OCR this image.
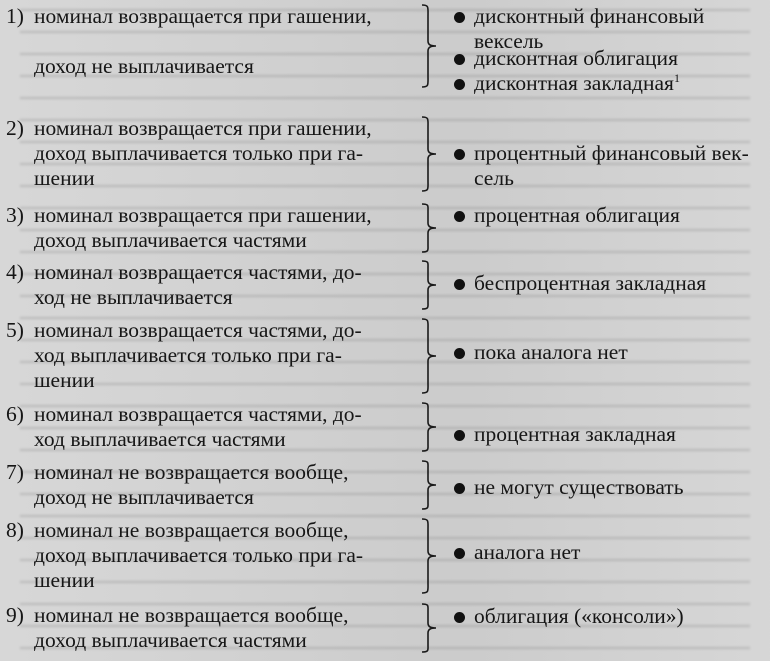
1) номинал возвращается при гашении,

доход не выплачивается
дисконтный финансовый
вексель
дисконтная облигация
дисконтная закладная$^1$
2) номинал возвращается при гашении,
доход выплачивается только при га-
шении
процентный финансовый век-
сель
3) номинал возвращается при гашении,
доход выплачивается частями
процентная облигация
4) номинал возвращается частями, до-
ход не выплачивается
беспроцентная закладная
5) номинал возвращается частями, до-
ход выплачивается только при га-
шении
пока аналога нет
6) номинал возвращается частями, до-
ход выплачивается частями	процентная закладная
7) номинал не возвращается вообще,
доход не выплачивается	не могут существовать
8) номинал не возвращается вообще,
доход выплачивается только при га-
шении
аналога нет
9) номинал не возвращается вообще,
доход выплачивается частями
облигация («консоли»)
